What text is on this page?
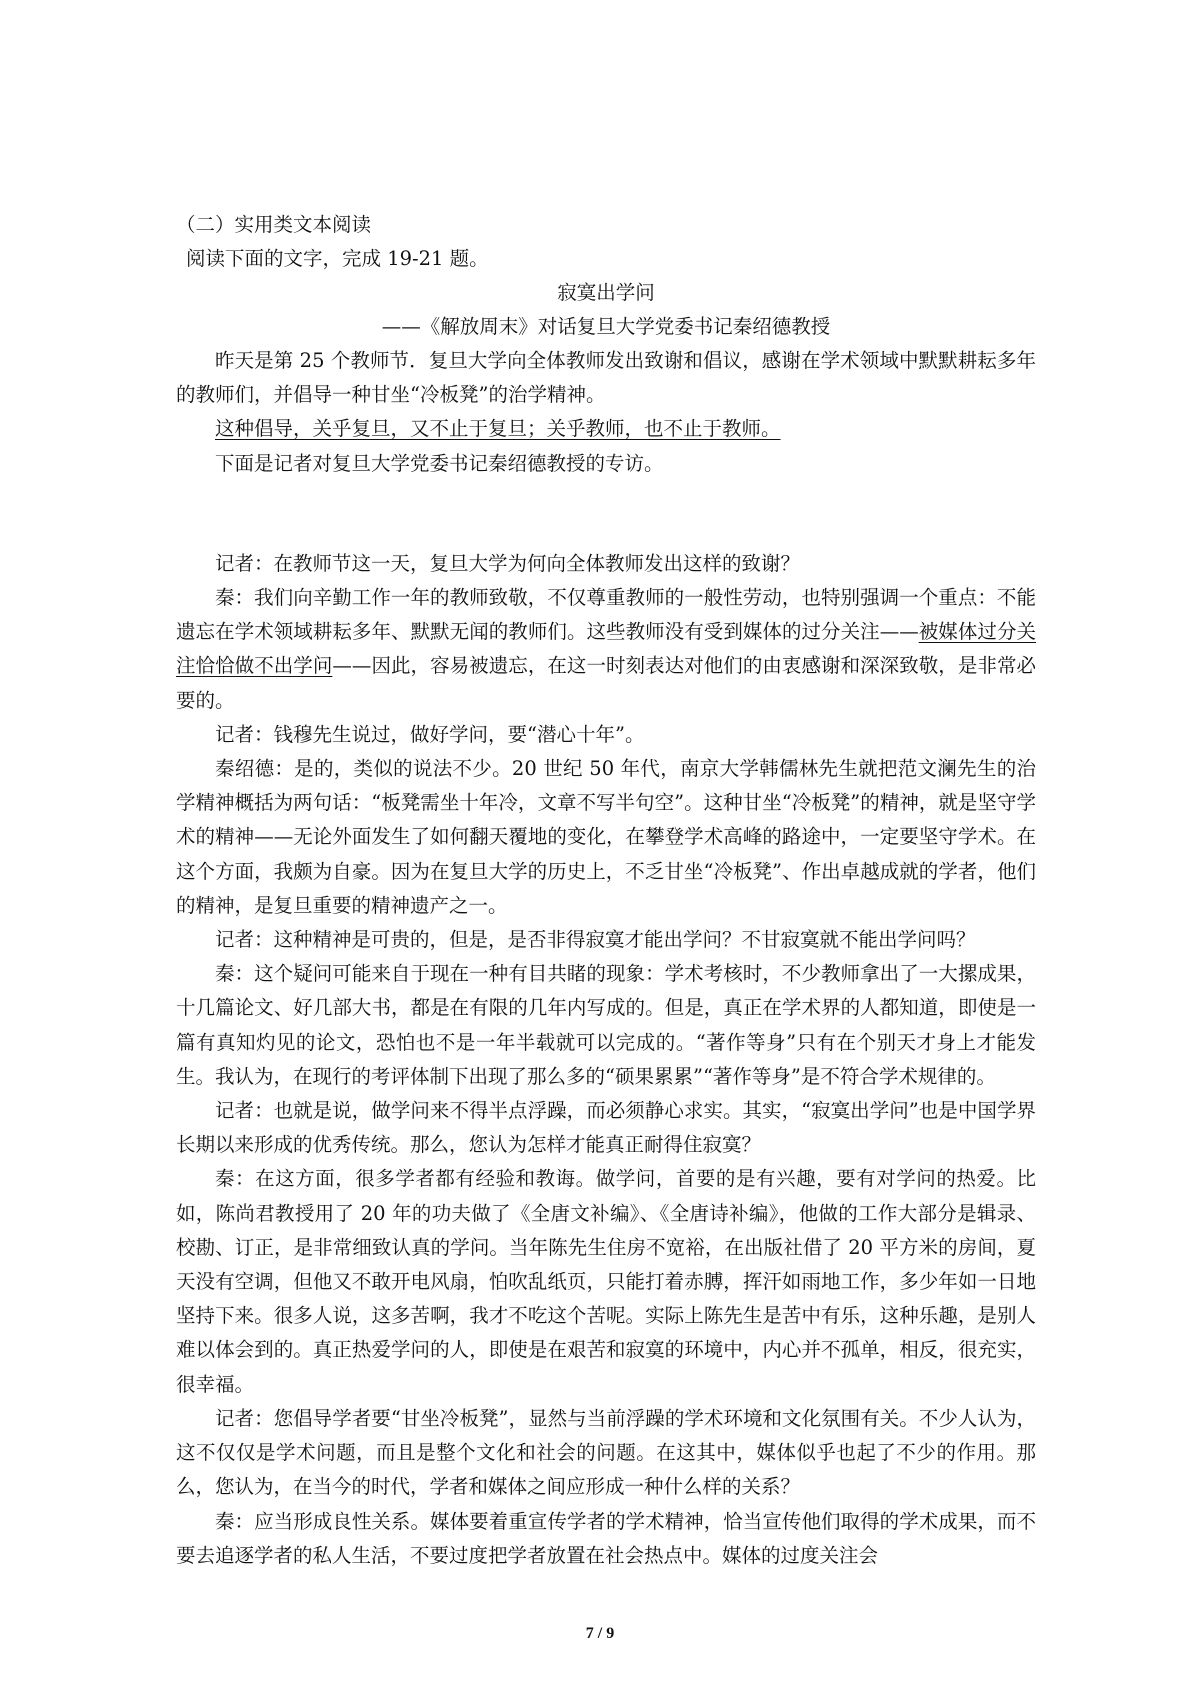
（二）实用类文本阅读
阅读下面的文字，完成 19-21 题。
寂寞出学问
——《解放周末》对话复旦大学党委书记秦绍德教授

昨天是第 25 个教师节．复旦大学向全体教师发出致谢和倡议，感谢在学术领域中默默耕耘多年的教师们，并倡导一种甘坐“冷板凳”的治学精神。

这种倡导，关乎复旦，又不止于复旦；关乎教师，也不止于教师。

下面是记者对复旦大学党委书记秦绍德教授的专访。

记者：在教师节这一天，复旦大学为何向全体教师发出这样的致谢？

秦：我们向辛勤工作一年的教师致敬，不仅尊重教师的一般性劳动，也特别强调一个重点：不能遗忘在学术领域耕耘多年、默默无闻的教师们。这些教师没有受到媒体的过分关注——被媒体过分关注恰恰做不出学问——因此，容易被遗忘，在这一时刻表达对他们的由衷感谢和深深致敬，是非常必要的。

记者：钱穆先生说过，做好学问，要“潜心十年”。

秦绍德：是的，类似的说法不少。20 世纪 50 年代，南京大学韩儒林先生就把范文澜先生的治学精神概括为两句话：“板凳需坐十年冷，文章不写半句空”。这种甘坐“冷板凳”的精神，就是坚守学术的精神——无论外面发生了如何翻天覆地的变化，在攀登学术高峰的路途中，一定要坚守学术。在这个方面，我颇为自豪。因为在复旦大学的历史上，不乏甘坐“冷板凳”、作出卓越成就的学者，他们的精神，是复旦重要的精神遗产之一。

记者：这种精神是可贵的，但是，是否非得寂寞才能出学问？不甘寂寞就不能出学问吗？

秦：这个疑问可能来自于现在一种有目共睹的现象：学术考核时，不少教师拿出了一大摞成果，十几篇论文、好几部大书，都是在有限的几年内写成的。但是，真正在学术界的人都知道，即使是一篇有真知灼见的论文，恐怕也不是一年半载就可以完成的。“著作等身”只有在个别天才身上才能发生。我认为，在现行的考评体制下出现了那么多的“硕果累累”“著作等身”是不符合学术规律的。

记者：也就是说，做学问来不得半点浮躁，而必须静心求实。其实，“寂寞出学问”也是中国学界长期以来形成的优秀传统。那么，您认为怎样才能真正耐得住寂寞？

秦：在这方面，很多学者都有经验和教诲。做学问，首要的是有兴趣，要有对学问的热爱。比如，陈尚君教授用了 20 年的功夫做了《全唐文补编》、《全唐诗补编》，他做的工作大部分是辑录、校勘、订正，是非常细致认真的学问。当年陈先生住房不宽裕，在出版社借了 20 平方米的房间，夏天没有空调，但他又不敢开电风扇，怕吹乱纸页，只能打着赤膊，挥汗如雨地工作，多少年如一日地坚持下来。很多人说，这多苦啊，我才不吃这个苦呢。实际上陈先生是苦中有乐，这种乐趣，是别人难以体会到的。真正热爱学问的人，即使是在艰苦和寂寞的环境中，内心并不孤单，相反，很充实，很幸福。

记者：您倡导学者要“甘坐冷板凳”，显然与当前浮躁的学术环境和文化氛围有关。不少人认为，这不仅仅是学术问题，而且是整个文化和社会的问题。在这其中，媒体似乎也起了不少的作用。那么，您认为，在当今的时代，学者和媒体之间应形成一种什么样的关系？

秦：应当形成良性关系。媒体要着重宣传学者的学术精神，恰当宣传他们取得的学术成果，而不要去追逐学者的私人生活，不要过度把学者放置在社会热点中。媒体的过度关注会

7 / 9
